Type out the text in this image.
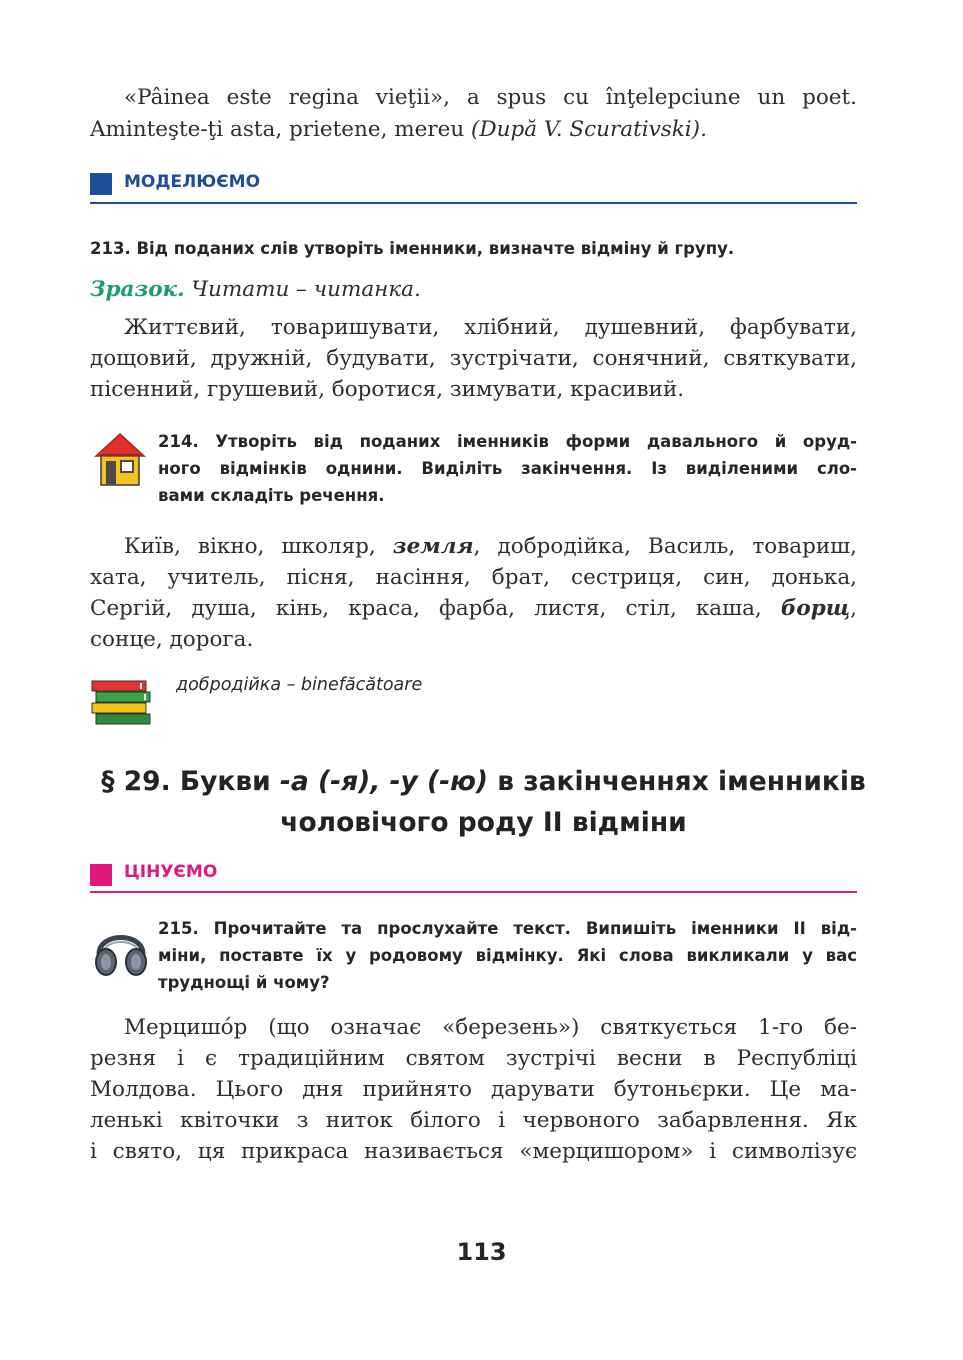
«Pâinea este regina vieţii», a spus cu înţelepciune un poet.
Aminteşte-ţi asta, prietene, mereu (După V. Scurativski).
МОДЕЛЮЄМО
213. Від поданих слів утворіть іменники, визначте відміну й групу.
Зразок. Читати – читанка.
Життєвий, товаришувати, хлібний, душевний, фарбувати,
дощовий, дружній, будувати, зустрічати, сонячний, святкувати,
пісенний, грушевий, боротися, зимувати, красивий.
214. Утворіть від поданих іменників форми давального й оруд-
ного відмінків однини. Виділіть закінчення. Із виділеними сло-
вами складіть речення.
Київ, вікно, школяр, земля, добродійка, Василь, товариш,
хата, учитель, пісня, насіння, брат, сестриця, син, донька,
Сергій, душа, кінь, краса, фарба, листя, стіл, каша, борщ,
сонце, дорога.
добродійка – binefăcătoare
§ 29. Букви -а (-я), -у (-ю) в закінченнях іменників
чоловічого роду ІІ відміни
ЦІНУЄМО
215. Прочитайте та прослухайте текст. Випишіть іменники ІІ від-
міни, поставте їх у родовому відмінку. Які слова викликали у вас
труднощі й чому?
Мерцишóр (що означає «березень») святкується 1-го бе-
резня і є традиційним святом зустрічі весни в Республіці
Молдова. Цього дня прийнято дарувати бутоньєрки. Це ма-
ленькі квіточки з ниток білого і червоного забарвлення. Як
і свято, ця прикраса називається «мерцишором» і символізує
113
